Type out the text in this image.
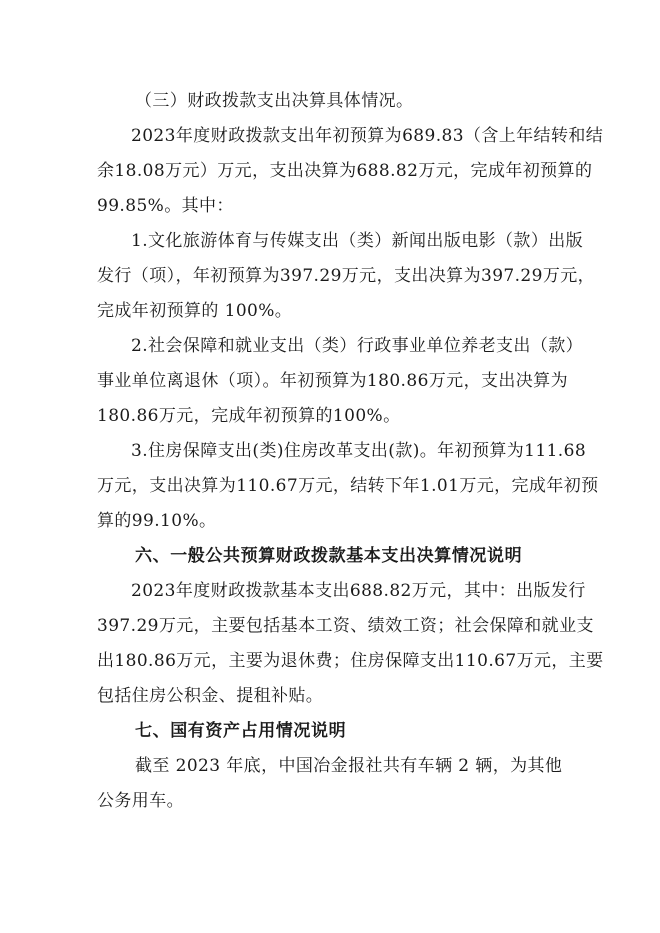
（三）财政拨款支出决算具体情况。
2023年度财政拨款支出年初预算为689.83（含上年结转和结
余18.08万元）万元，支出决算为688.82万元，完成年初预算的
99.85%。其中：
1.文化旅游体育与传媒支出（类）新闻出版电影（款）出版
发行（项），年初预算为397.29万元，支出决算为397.29万元，
完成年初预算的 100%。
2.社会保障和就业支出（类）行政事业单位养老支出（款）
事业单位离退休（项）。年初预算为180.86万元，支出决算为
180.86万元，完成年初预算的100%。
3.住房保障支出(类)住房改革支出(款)。年初预算为111.68
万元，支出决算为110.67万元，结转下年1.01万元，完成年初预
算的99.10%。
六、一般公共预算财政拨款基本支出决算情况说明
2023年度财政拨款基本支出688.82万元，其中：出版发行
397.29万元，主要包括基本工资、绩效工资；社会保障和就业支
出180.86万元，主要为退休费；住房保障支出110.67万元，主要
包括住房公积金、提租补贴。
七、国有资产占用情况说明
截至 2023 年底，中国冶金报社共有车辆 2 辆，为其他
公务用车。
